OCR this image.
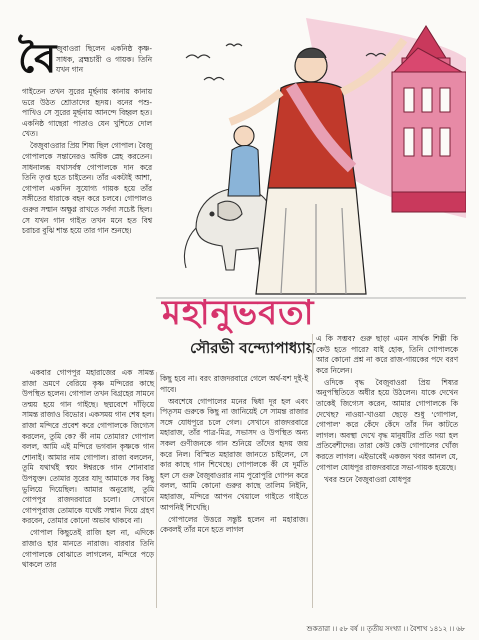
বৈ জুবাওরা ছিলেন একনিষ্ঠ কৃষ্ণ-সাধক, ব্রহ্মচারী ও গায়ক। তিনি যখন গান

গাইতেন তখন সুরের মূর্ছনায় কানায় কানায় ভরে উঠত শ্রোতাদের হৃদয়। বনের পশু-পাখিও সে সুরের মূর্ছনায় আনন্দে বিহ্বল হত। একনিষ্ঠ গাছেরা পাতাও যেন খুশিতে দোল খেত।

বৈজুবাওরার প্রিয় শিষ্য ছিল গোপাল। বৈজু গোপালকে সন্তানেরও অধিক স্নেহ করতেন। সাধনালব্ধ যথাসর্বস্ব গোপালকে দান করে তিনি তৃপ্ত হতে চাইতেন। তাঁর একটাই আশা, গোপাল একদিন সুযোগ্য গায়ক হয়ে তাঁর সঙ্গীতের ধারাকে বহন করে চলবে। গোপালও গুরুর সম্মান অক্ষুণ্ণ রাখতে সর্বদা সচেষ্ট ছিল। সে যখন গান গাইত তখন মনে হত বিশ্ব চরাচর বুঝি শান্ত হয়ে তার গান শুনছে।

মহানুভবতা
সৌরভী বন্দ্যোপাধ্যায়

একবার গোপপুর মহারাজের এক সামন্ত রাজা ভ্রমণে বেরিয়ে কৃষ্ণ মন্দিরের কাছে উপস্থিত হলেন। গোপাল তখন বিগ্রহের সামনে তন্ময় হয়ে গান গাইছে। ছদ্মবেশে দাঁড়িয়ে সামন্ত রাজাও বিভোর। একসময় গান শেষ হল। রাজা মন্দিরে প্রবেশ করে গোপালকে জিগ্যেস করলেন, তুমি কে? কী নাম তোমার? গোপাল বলল, আমি এই মন্দিরে ভগবান কৃষ্ণকে গান শোনাই। আমার নাম গোপাল। রাজা বললেন, তুমি যথার্থই স্বয়ং ঈশ্বরকে গান শোনাবার উপযুক্ত। তোমার সুরের যাদু আমাকে সব কিছু ভুলিয়ে দিয়েছিল। আমার অনুরোধ, তুমি গোপপুর রাজদরবারে চলো। সেখানে গোপপুরাজ তোমাকে যথেষ্ট সম্মান দিয়ে গ্রহণ করবেন, তোমার কোনো অভাব থাকবে না।

গোপাল কিছুতেই রাজি হল না, এদিকে রাজাও হার মানতে নারাজ। বারবার তিনি গোপালকে বোঝাতে লাগলেন, মন্দিরে পড়ে থাকলে তার

কিছু হবে না। বরং রাজদরবারে গেলে অর্থ-যশ দুই-ই পাবে।

অবশেষে গোপালের মনের দ্বিধা দূর হল এবং পিতৃসম গুরুকে কিছু না জানিয়েই সে সামন্ত রাজার সঙ্গে যোধপুরে চলে গেল। সেখানে রাজদরবারে মহারাজ, তাঁর পাত্র-মিত্র, সভাসদ ও উপস্থিত অন্য সকল গুণীজনকে গান শুনিয়ে তাঁদের হৃদয় জয় করে নিল। বিস্মিত মহারাজ জানতে চাইলেন, সে কার কাছে গান শিখেছে। গোপালকে কী যে দুর্মতি হল সে গুরু বৈজুবাওরার নাম পুরোপুরি গোপন করে বলল, আমি কোনো গুরুর কাছে তালিম নিইনি, মহারাজ, মন্দিরে আপন খেয়ালে গাইতে গাইতে আপনিই শিখেছি।

গোপালের উত্তরে সন্তুষ্ট হলেন না মহারাজ। কেবলই তাঁর মনে হতে লাগল

এ কি সম্ভব? গুরু ছাড়া এমন সার্থক শিল্পী কি কেউ হতে পারে? যাই হোক, তিনি গোপালকে আর কোনো প্রশ্ন না করে রাজ-গায়কের পদে বরণ করে নিলেন।

ওদিকে বৃদ্ধ বৈজুবাওরা প্রিয় শিষ্যর অনুপস্থিতিতে অধীর হয়ে উঠলেন। যাকে দেখেন তাকেই জিগ্যেস করেন, আমার গোপালকে কি দেখেছ? নাওয়া-খাওয়া ছেড়ে শুধু 'গোপাল, গোপাল' করে কেঁদে কেঁদে তাঁর দিন কাটতে লাগল। অবস্থা দেখে বৃদ্ধ মানুষটির প্রতি দয়া হল প্রতিবেশীদের। তারা কেউ কেউ গোপালের খোঁজ করতে লাগল। এইভাবেই একজন খবর আনল যে, গোপাল যোধপুর রাজদরবারে সভা-গায়ক হয়েছে।

খবর শুনে বৈজুবাওরা যোধপুর

শুকতারা ।। ৫৮ বর্ষ ।। তৃতীয় সংখ্যা ।। বৈশাখ ১৪১২ ।। ৬৮
